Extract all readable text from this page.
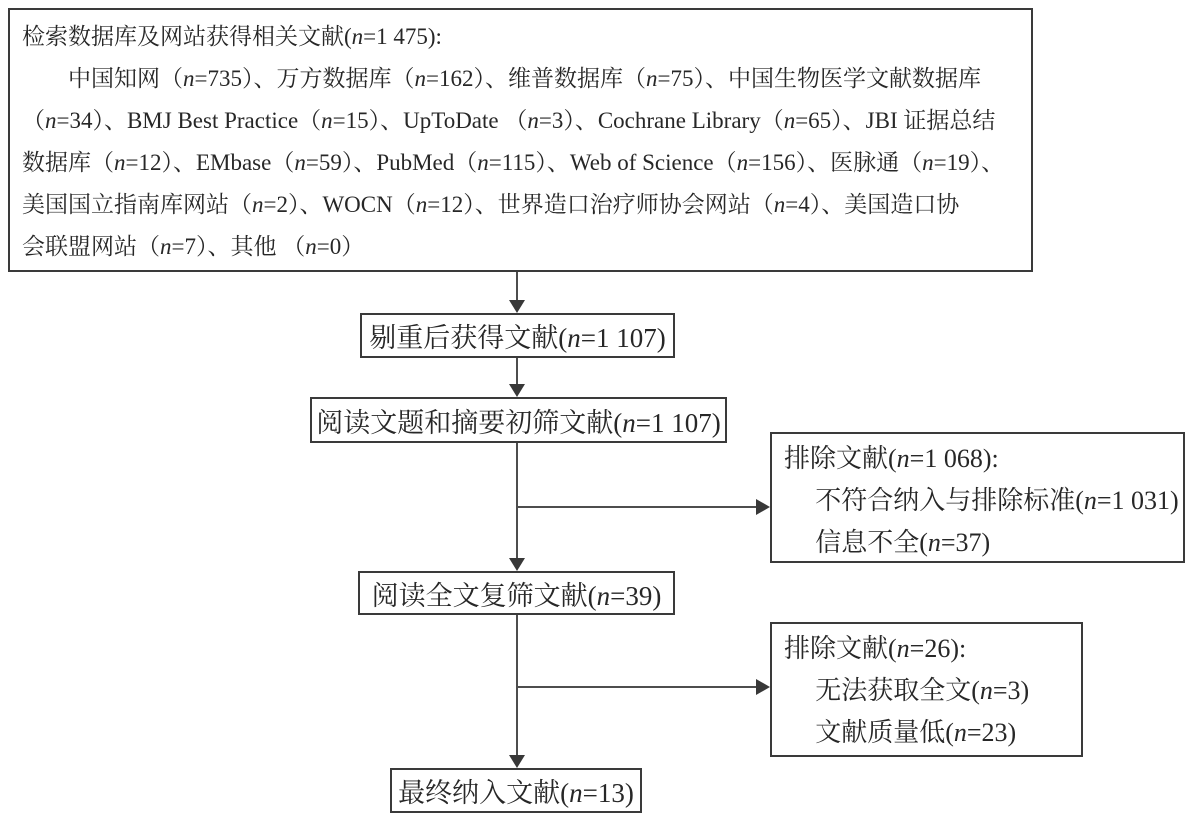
检索数据库及网站获得相关文献(n=1 475):
中国知网（n=735）、万方数据库（n=162）、维普数据库（n=75）、中国生物医学文献数据库
（n=34）、BMJ Best Practice（n=15）、UpToDate （n=3）、Cochrane Library（n=65）、JBI 证据总结
数据库（n=12）、EMbase（n=59）、PubMed（n=115）、Web of Science（n=156）、医脉通（n=19）、
美国国立指南库网站（n=2）、WOCN（n=12）、世界造口治疗师协会网站（n=4）、美国造口协
会联盟网站（n=7）、其他 （n=0）
剔重后获得文献(n=1 107)
阅读文题和摘要初筛文献(n=1 107)
排除文献(n=1 068):
不符合纳入与排除标准(n=1 031)
信息不全(n=37)
阅读全文复筛文献(n=39)
排除文献(n=26):
无法获取全文(n=3)
文献质量低(n=23)
最终纳入文献(n=13)
